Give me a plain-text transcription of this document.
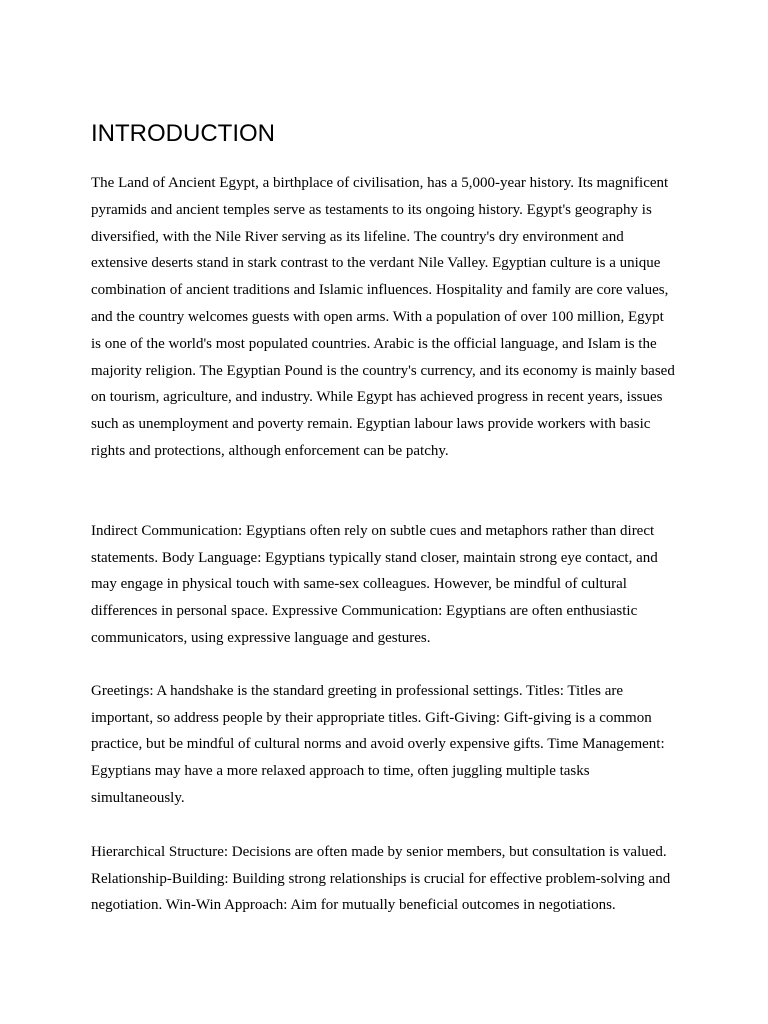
INTRODUCTION

The Land of Ancient Egypt, a birthplace of civilisation, has a 5,000-year history. Its magnificent pyramids and ancient temples serve as testaments to its ongoing history. Egypt's geography is diversified, with the Nile River serving as its lifeline. The country's dry environment and extensive deserts stand in stark contrast to the verdant Nile Valley. Egyptian culture is a unique combination of ancient traditions and Islamic influences. Hospitality and family are core values, and the country welcomes guests with open arms. With a population of over 100 million, Egypt is one of the world's most populated countries. Arabic is the official language, and Islam is the majority religion. The Egyptian Pound is the country's currency, and its economy is mainly based on tourism, agriculture, and industry. While Egypt has achieved progress in recent years, issues such as unemployment and poverty remain. Egyptian labour laws provide workers with basic rights and protections, although enforcement can be patchy.

Indirect Communication: Egyptians often rely on subtle cues and metaphors rather than direct statements. Body Language: Egyptians typically stand closer, maintain strong eye contact, and may engage in physical touch with same-sex colleagues. However, be mindful of cultural differences in personal space. Expressive Communication: Egyptians are often enthusiastic communicators, using expressive language and gestures.

Greetings: A handshake is the standard greeting in professional settings. Titles: Titles are important, so address people by their appropriate titles. Gift-Giving: Gift-giving is a common practice, but be mindful of cultural norms and avoid overly expensive gifts. Time Management: Egyptians may have a more relaxed approach to time, often juggling multiple tasks simultaneously.

Hierarchical Structure: Decisions are often made by senior members, but consultation is valued. Relationship-Building: Building strong relationships is crucial for effective problem-solving and negotiation. Win-Win Approach: Aim for mutually beneficial outcomes in negotiations.
